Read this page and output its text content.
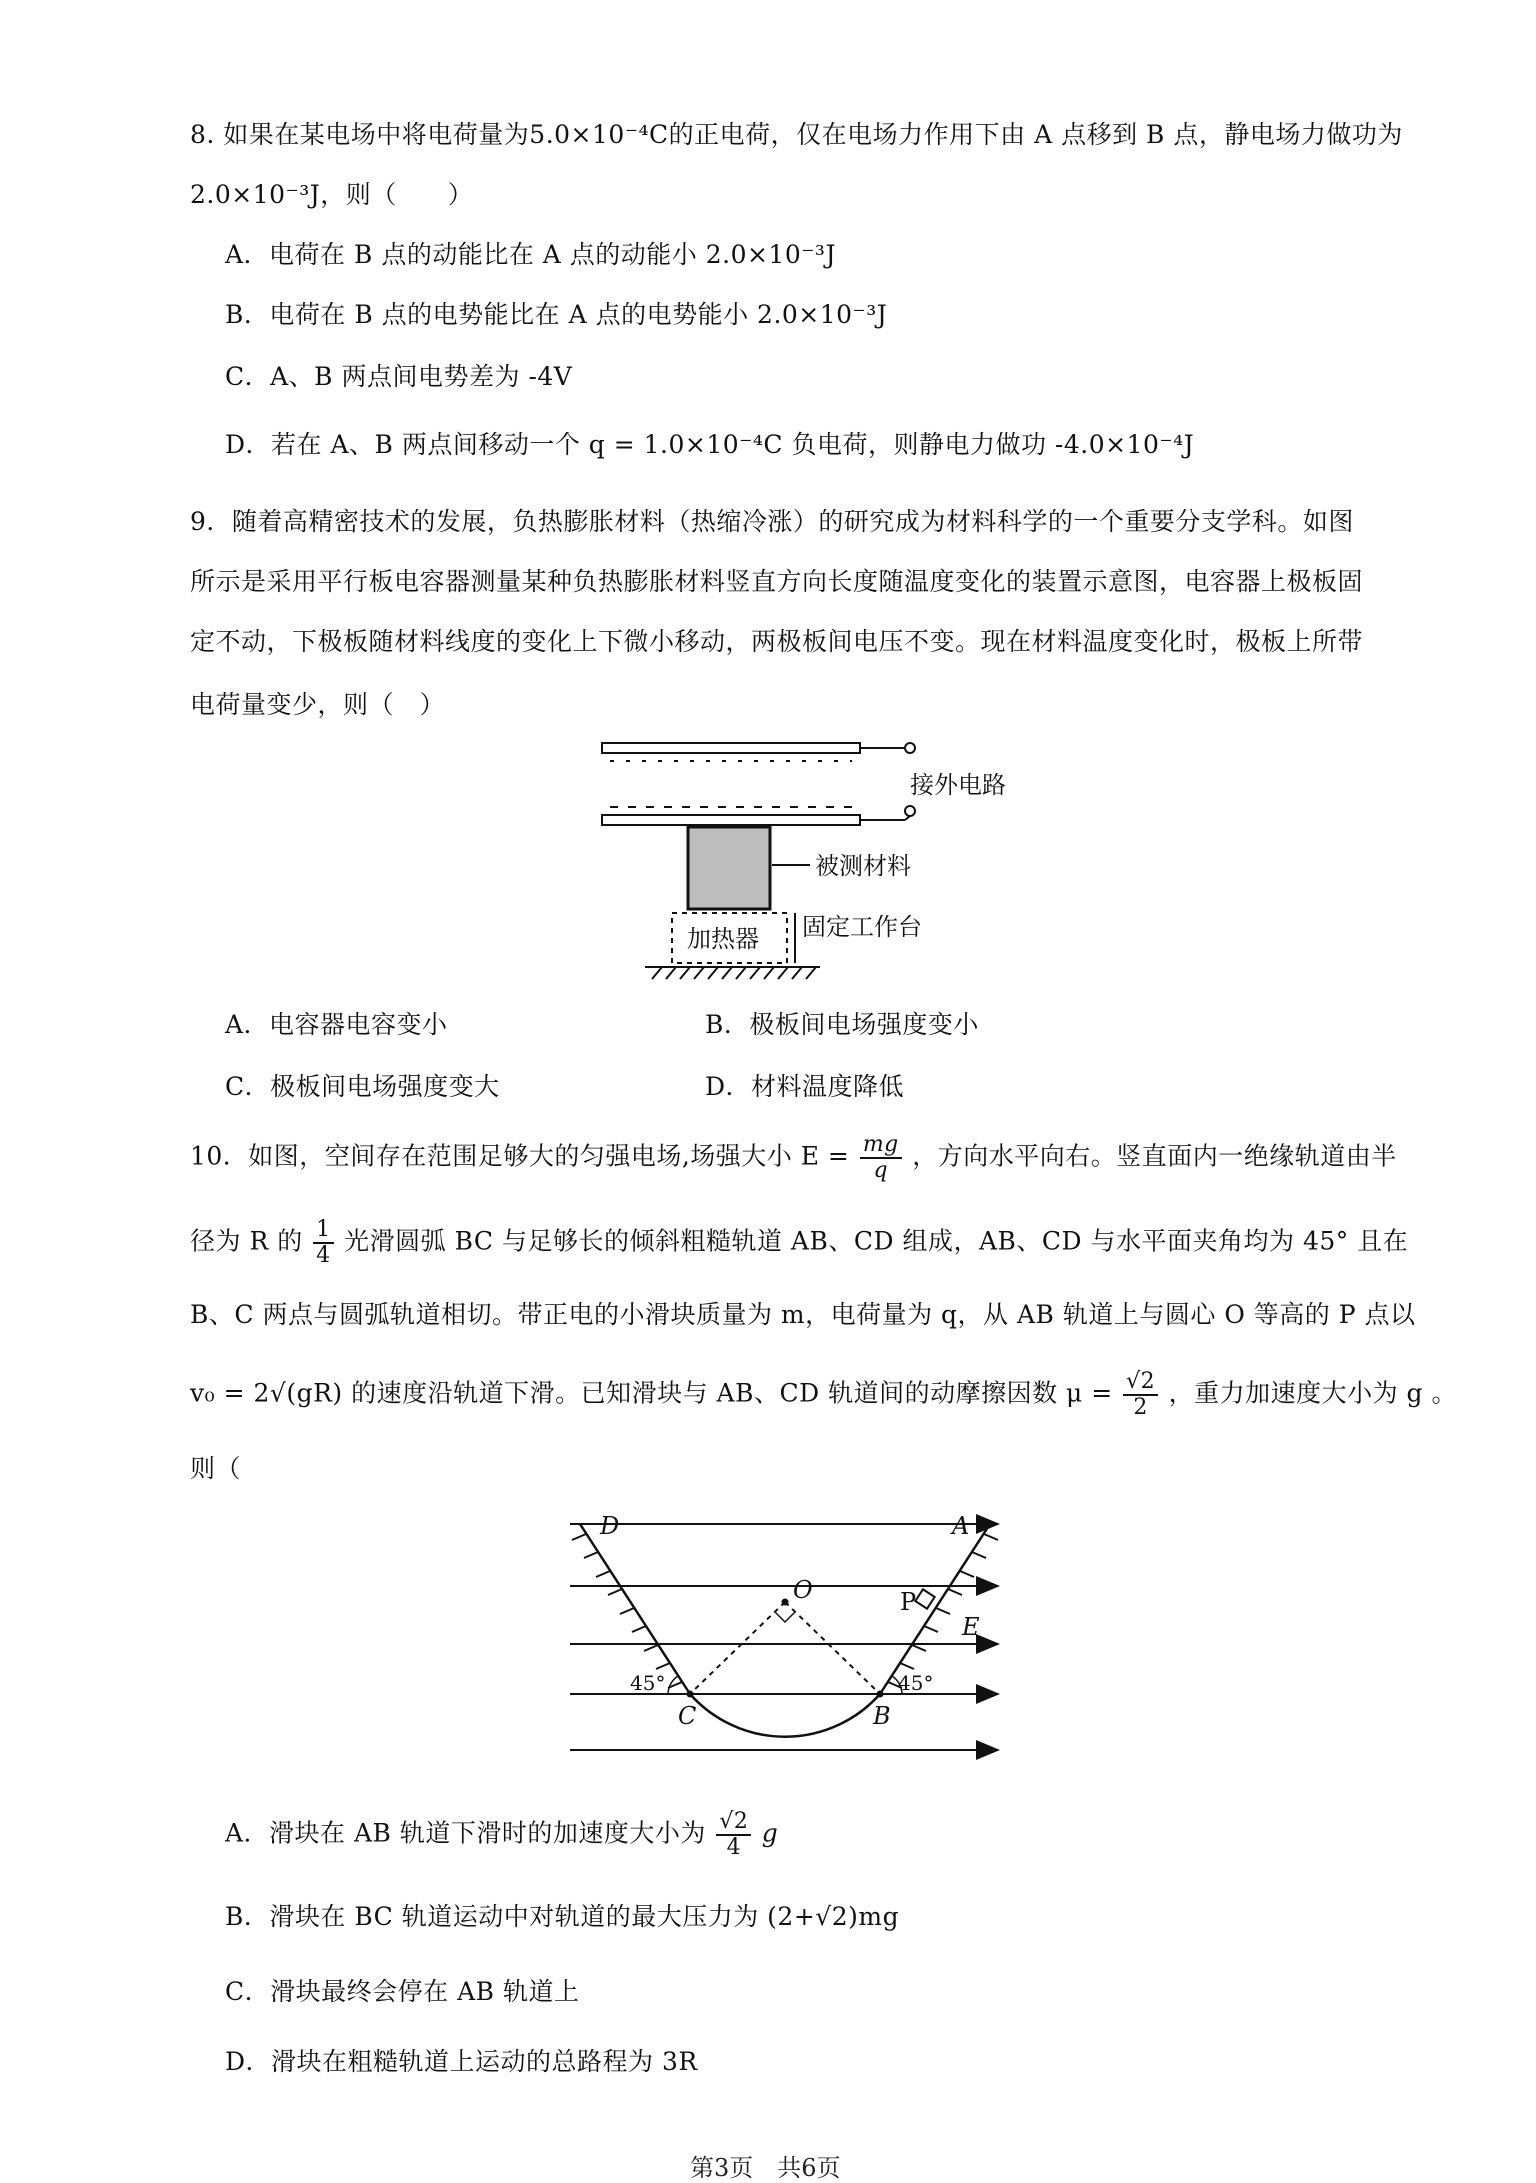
8. 如果在某电场中将电荷量为5.0×10⁻⁴C的正电荷，仅在电场力作用下由 A 点移到 B 点，静电场力做功为
2.0×10⁻³J，则（　　）
A．电荷在 B 点的动能比在 A 点的动能小 2.0×10⁻³J
B．电荷在 B 点的电势能比在 A 点的电势能小 2.0×10⁻³J
C．A、B 两点间电势差为 -4V
D．若在 A、B 两点间移动一个 q = 1.0×10⁻⁴C 负电荷，则静电力做功 -4.0×10⁻⁴J
9．随着高精密技术的发展，负热膨胀材料（热缩冷涨）的研究成为材料科学的一个重要分支学科。如图
所示是采用平行板电容器测量某种负热膨胀材料竖直方向长度随温度变化的装置示意图，电容器上极板固
定不动，下极板随材料线度的变化上下微小移动，两极板间电压不变。现在材料温度变化时，极板上所带
电荷量变少，则（　）
接外电路
被测材料
加热器 固定工作台
A．电容器电容变小	B．极板间电场强度变小
C．极板间电场强度变大	D．材料温度降低
10．如图，空间存在范围足够大的匀强电场,场强大小 $E = \frac{mg}{q}$ ，方向水平向右。竖直面内一绝缘轨道由半
径为 R 的 $\frac{1}{4}$ 光滑圆弧 BC 与足够长的倾斜粗糙轨道 AB、CD 组成，AB、CD 与水平面夹角均为 45° 且在
B、C 两点与圆弧轨道相切。带正电的小滑块质量为 m，电荷量为 q，从 AB 轨道上与圆心 O 等高的 P 点以
v₀ = 2√(gR) 的速度沿轨道下滑。已知滑块与 AB、CD 轨道间的动摩擦因数 $\mu = \frac{√2}{2}$ ，重力加速度大小为 g 。
则（
D	A
O	P
E
C	B
45°	45°
A．滑块在 AB 轨道下滑时的加速度大小为 $\frac{√2}{4}$ g
B．滑块在 BC 轨道运动中对轨道的最大压力为 (2+√2)mg
C．滑块最终会停在 AB 轨道上
D．滑块在粗糙轨道上运动的总路程为 3R
第3页　共6页
